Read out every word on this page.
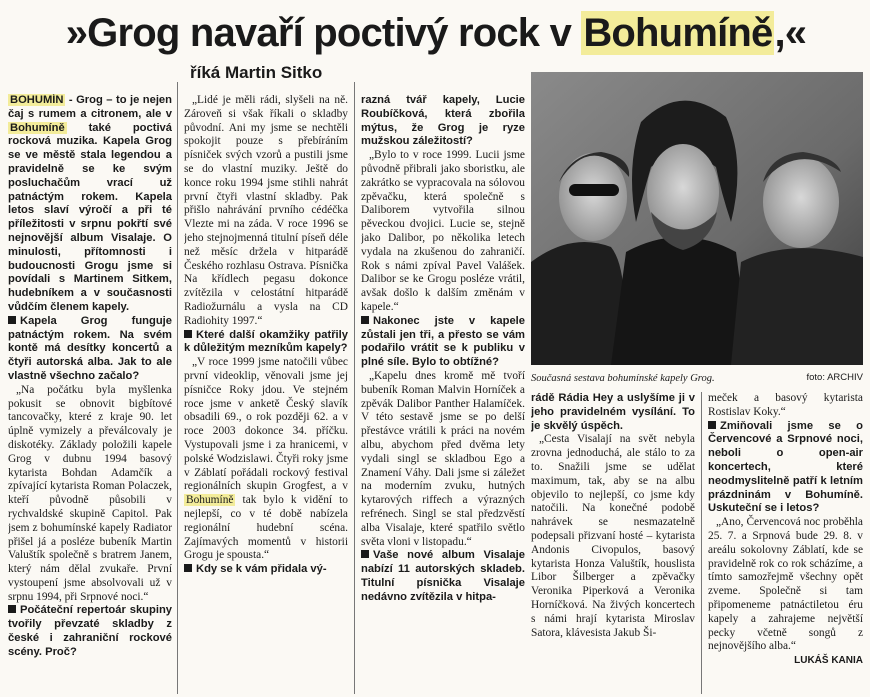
»Grog navaří poctivý rock v Bohumíně,«
říká Martin Sitko

BOHUMÍN - Grog – to je nejen čaj s rumem a citronem, ale v Bohumíně také poctivá rocková muzika. Kapela Grog se ve městě stala legendou a pravidelně se ke svým posluchačům vrací už patnáctým rokem. Kapela letos slaví výročí a při té příležitosti v srpnu pokřtí své nejnovější album Visalaje. O minulosti, přítomnosti i budoucnosti Grogu jsme si povídali s Martinem Sitkem, hudebníkem a v současnosti vůdčím členem kapely.

Kapela Grog funguje patnáctým rokem. Na svém kontě má desítky koncertů a čtyři autorská alba. Jak to ale vlastně všechno začalo?

„Na počátku byla myšlenka pokusit se obnovit bigbítové tancovačky, které z kraje 90. let úplně vymizely a převálcovaly je diskotéky. Základy položili kapele Grog v dubnu 1994 basový kytarista Bohdan Adamčík a zpívající kytarista Roman Polaczek, kteří původně působili v rychvaldské skupině Capitol. Pak jsem z bohumínské kapely Radiator přišel já a posléze bubeník Martin Valuštík společně s bratrem Janem, který nám dělal zvukaře. První vystoupení jsme absolvovali už v srpnu 1994, při Srpnové noci.“

Počáteční repertoár skupiny tvořily převzaté skladby z české i zahraniční rockové scény. Proč?

„Lidé je měli rádi, slyšeli na ně. Zároveň si však říkali o skladby původní. Ani my jsme se nechtěli spokojit pouze s přebíráním písniček svých vzorů a pustili jsme se do vlastní muziky. Ještě do konce roku 1994 jsme stihli nahrát první čtyři vlastní skladby. Pak přišlo nahrávání prvního cédéčka Vlezte mi na záda. V roce 1996 se jeho stejnojmenná titulní píseň déle než měsíc držela v hitparádě Českého rozhlasu Ostrava. Písnička Na křídlech pegasu dokonce zvítězila v celostátní hitparádě Radiožurnálu a vysla na CD Radiohity 1997.“

Které další okamžiky patřily k důležitým mezníkům kapely?

„V roce 1999 jsme natočili vůbec první videoklip, věnovali jsme jej písničce Roky jdou. Ve stejném roce jsme v anketě Český slavík obsadili 69., o rok později 62. a v roce 2003 dokonce 34. příčku. Vystupovali jsme i za hranicemi, v polské Wodzislawi. Čtyři roky jsme v Záblatí pořádali rockový festival regionálních skupin Grogfest, a v Bohumíně tak bylo k vidění to nejlepší, co v té době nabízela regionální hudební scéna. Zajímavých momentů v historii Grogu je spousta.“

Kdy se k vám přidala vý-

razná tvář kapely, Lucie Roubíčková, která zbořila mýtus, že Grog je ryze mužskou záležitostí?

„Bylo to v roce 1999. Lucii jsme původně přibrali jako sboristku, ale zakrátko se vypracovala na sólovou zpěvačku, která společně s Daliborem vytvořila silnou pěveckou dvojici. Lucie se, stejně jako Dalibor, po několika letech vydala na zkušenou do zahraničí. Rok s námi zpíval Pavel Valášek. Dalibor se ke Grogu posléze vrátil, avšak došlo k dalším změnám v kapele.“

Nakonec jste v kapele zůstali jen tři, a přesto se vám podařilo vrátit se k publiku v plné síle. Bylo to obtížné?

„Kapelu dnes kromě mě tvoří bubeník Roman Malvin Horníček a zpěvák Dalibor Panther Halamíček. V této sestavě jsme se po delší přestávce vrátili k práci na novém albu, abychom před dvěma lety vydali singl se skladbou Ego a Znamení Váhy. Dali jsme si záležet na moderním zvuku, hutných kytarových riffech a výrazných refrénech. Singl se stal předzvěstí alba Visalaje, které spatřilo světlo světa vloni v listopadu.“

Vaše nové album Visalaje nabízí 11 autorských skladeb. Titulní písnička Visalaje nedávno zvítězila v hitpa-

Současná sestava bohumínské kapely Grog.	foto: ARCHIV

rádě Rádia Hey a uslyšíme ji v jeho pravidelném vysílání. To je skvělý úspěch.

„Cesta Visalají na svět nebyla zrovna jednoduchá, ale stálo to za to. Snažili jsme se udělat maximum, tak, aby se na albu objevilo to nejlepší, co jsme kdy natočili. Na konečné podobě nahrávek se nesmazatelně podepsali přizvaní hosté – kytarista Andonis Civopulos, basový kytarista Honza Valuštík, houslista Libor Šilberger a zpěvačky Veronika Piperková a Veronika Horníčková. Na živých koncertech s námi hrají kytarista Miroslav Satora, klávesista Jakub Ši-

meček a basový kytarista Rostislav Koky.“

Zmiňovali jsme se o Červencové a Srpnové noci, neboli o open-air koncertech, které neodmyslitelně patří k letním prázdninám v Bohumíně. Uskuteční se i letos?

„Ano, Červencová noc proběhla 25. 7. a Srpnová bude 29. 8. v areálu sokolovny Záblatí, kde se pravidelně rok co rok scházíme, a tímto samozřejmě všechny opět zveme. Společně si tam připomeneme patnáctiletou éru kapely a zahrajeme největší pecky včetně songů z nejnovějšího alba.“

LUKÁŠ KANIA
